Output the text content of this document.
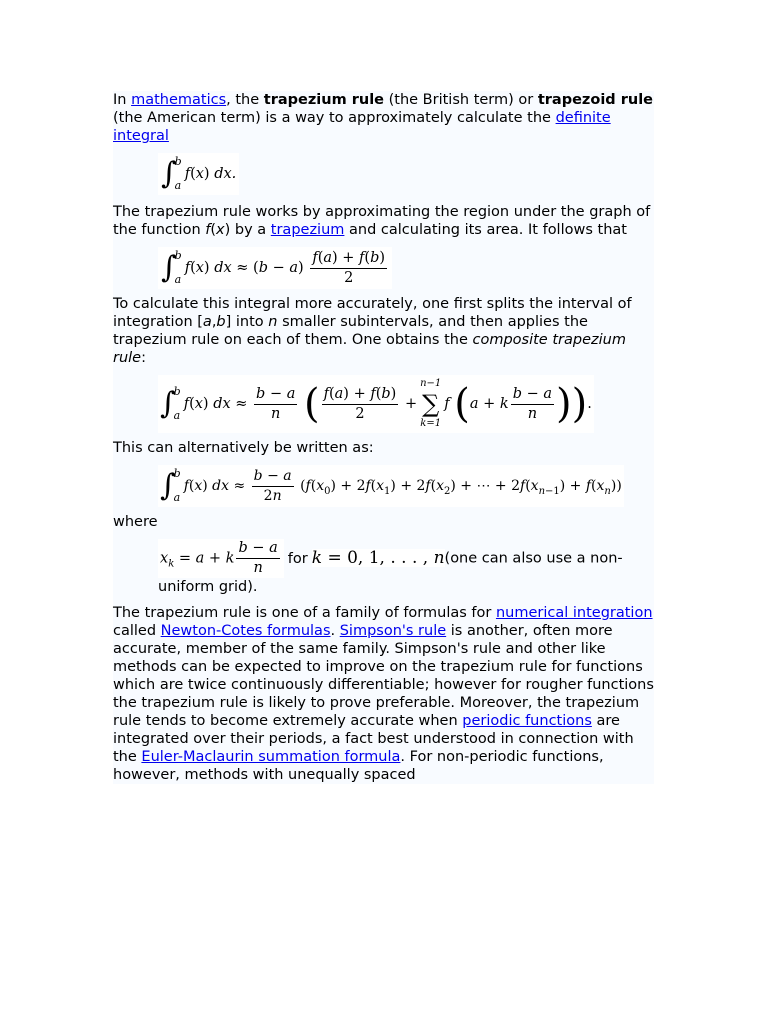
In mathematics, the trapezium rule (the British term) or trapezoid rule (the American term) is a way to approximately calculate the definite integral

∫
b
a
f(x) dx.

The trapezium rule works by approximating the region under the graph of the function f(x) by a trapezium and calculating its area. It follows that

∫
b
a
f(x) dx ≈ $(b - a) \frac{f(a) + f(b)}{2}$

To calculate this integral more accurately, one first splits the interval of integration [a,b] into n smaller subintervals, and then applies the trapezium rule on each of them. One obtains the composite trapezium rule:

∫
b
a
f(x) dx ≈ $\frac{b - a}{n}$ ( $\frac{f(a) + f(b)}{2}$ +
n−1
∑
k=1
f (a + k $\frac{b - a}{n}$ )).

This can alternatively be written as:

∫
b
a
f(x) dx ≈ $\frac{b - a}{2n} (f(x_0) + 2f(x_1) + 2f(x_2)$ + ⋯ + $2f(x_{n-1}) + f(x_n)$)

where

$x_k = a + k \frac{b - a}{n}$ for k = 0, 1, . . . , n(one can also use a non-uniform grid).

The trapezium rule is one of a family of formulas for numerical integration called Newton-Cotes formulas. Simpson's rule is another, often more accurate, member of the same family. Simpson's rule and other like methods can be expected to improve on the trapezium rule for functions which are twice continuously differentiable; however for rougher functions the trapezium rule is likely to prove preferable. Moreover, the trapezium rule tends to become extremely accurate when periodic functions are integrated over their periods, a fact best understood in connection with the Euler-Maclaurin summation formula. For non-periodic functions, however, methods with unequally spaced
